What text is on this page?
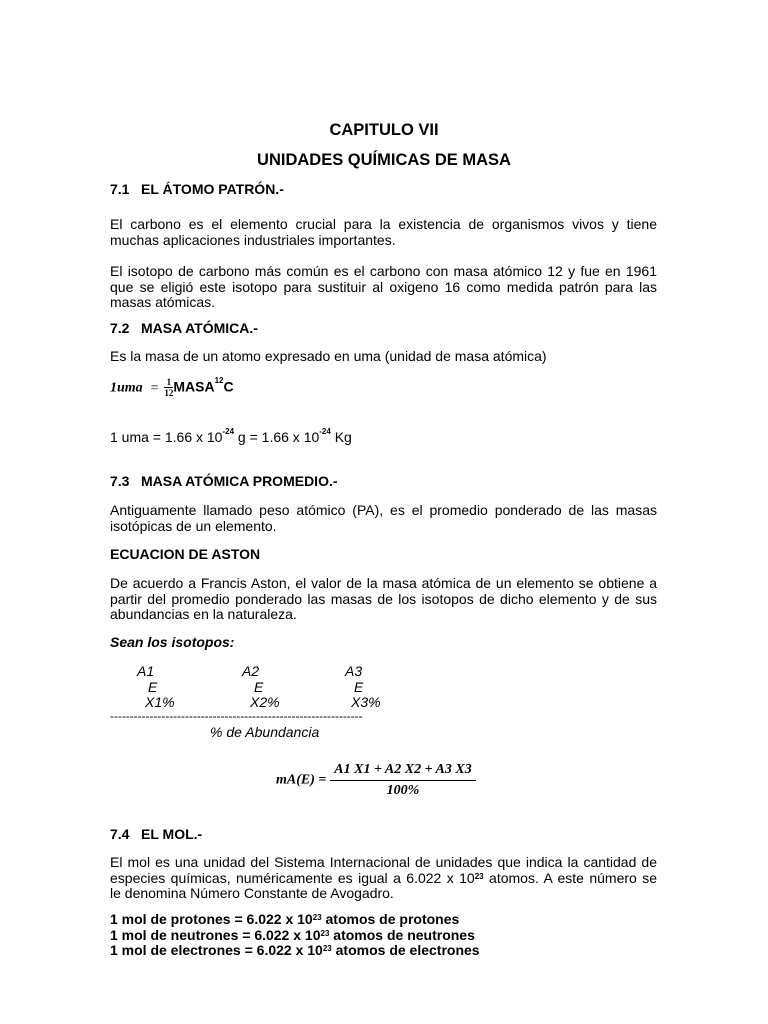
CAPITULO VII
UNIDADES QUÍMICAS DE MASA
7.1 EL ÁTOMO PATRÓN.-
El carbono es el elemento crucial para la existencia de organismos vivos y tiene
muchas aplicaciones industriales importantes.
El isotopo de carbono más común es el carbono con masa atómico 12 y fue en 1961
que se eligió este isotopo para sustituir al oxigeno 16 como medida patrón para las
masas atómicas.
7.2 MASA ATÓMICA.-
Es la masa de un atomo expresado en uma (unidad de masa atómica)
$1uma = \frac{1}{12}$ MASA$^{12}$C
1 uma = 1.66 x $10^{-24}$ g = 1.66 x $10^{-24}$ Kg
7.3 MASA ATÓMICA PROMEDIO.-
Antiguamente llamado peso atómico (PA), es el promedio ponderado de las masas
isotópicas de un elemento.
ECUACION DE ASTON
De acuerdo a Francis Aston, el valor de la masa atómica de un elemento se obtiene a
partir del promedio ponderado las masas de los isotopos de dicho elemento y de sus
abundancias en la naturaleza.
Sean los isotopos:
A1
E
X1%
A2
E
X2%
A3
E
X3%
----------------------------------------------------------------
% de Abundancia
$mA(E) = \frac{A1 X1 + A2 X2 + A3 X3}{100\%}$
7.4 EL MOL.-
El mol es una unidad del Sistema Internacional de unidades que indica la cantidad de
especies químicas, numéricamente es igual a 6.022 x $10^{23}$ atomos. A este número se
le denomina Número Constante de Avogadro.
1 mol de protones = 6.022 x $10^{23}$ atomos de protones
1 mol de neutrones = 6.022 x $10^{23}$ atomos de neutrones
1 mol de electrones = 6.022 x $10^{23}$ atomos de electrones
